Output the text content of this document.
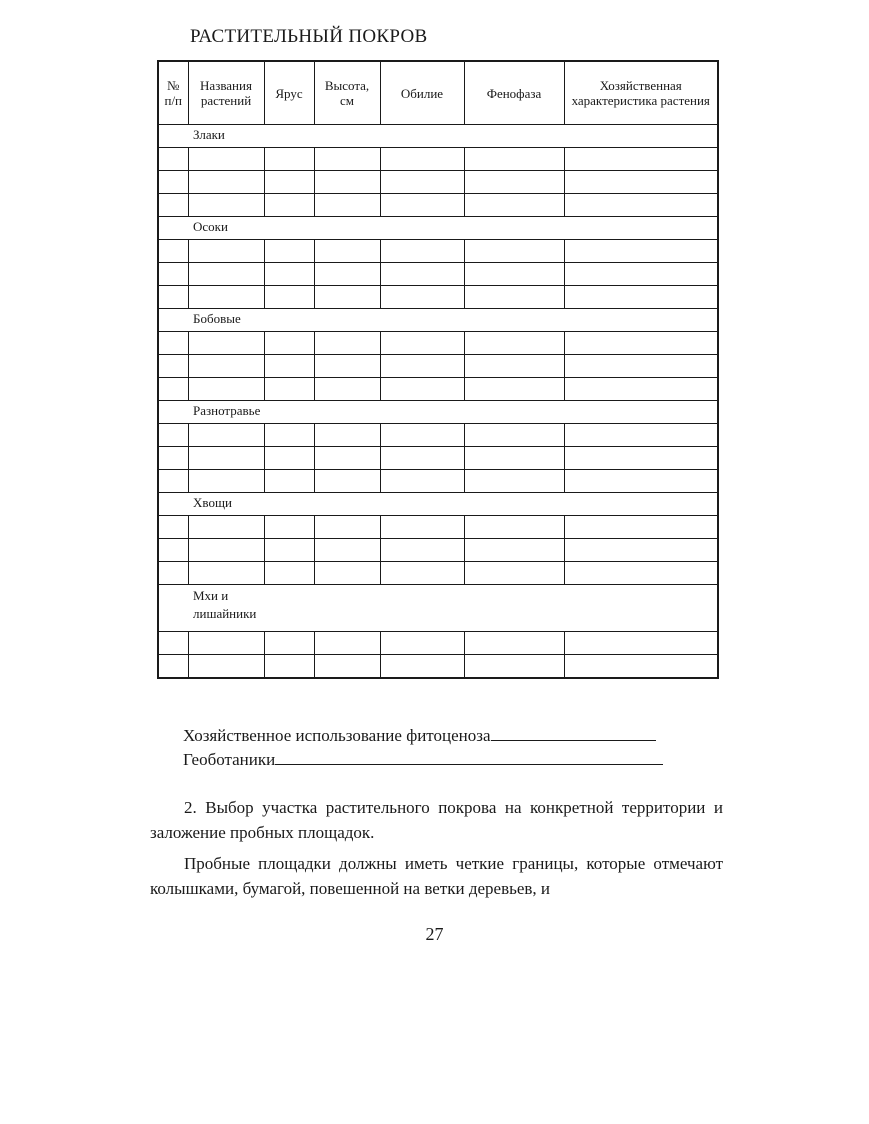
РАСТИТЕЛЬНЫЙ ПОКРОВ
№ п/п	Названия растений	Ярус	Высота, см	Обилие	Фенофаза	Хозяйственная характеристика растения
Злаки						

Осоки						

Бобовые						

Разнотравье						

Хвощи						

Мхи и лишайники						

Хозяйственное использование фитоценоза
Геоботаники

2. Выбор участка растительного покрова на конкретной территории и заложение пробных площадок.

Пробные площадки должны иметь четкие границы, которые отмечают колышками, бумагой, повешенной на ветки деревьев, и

27
